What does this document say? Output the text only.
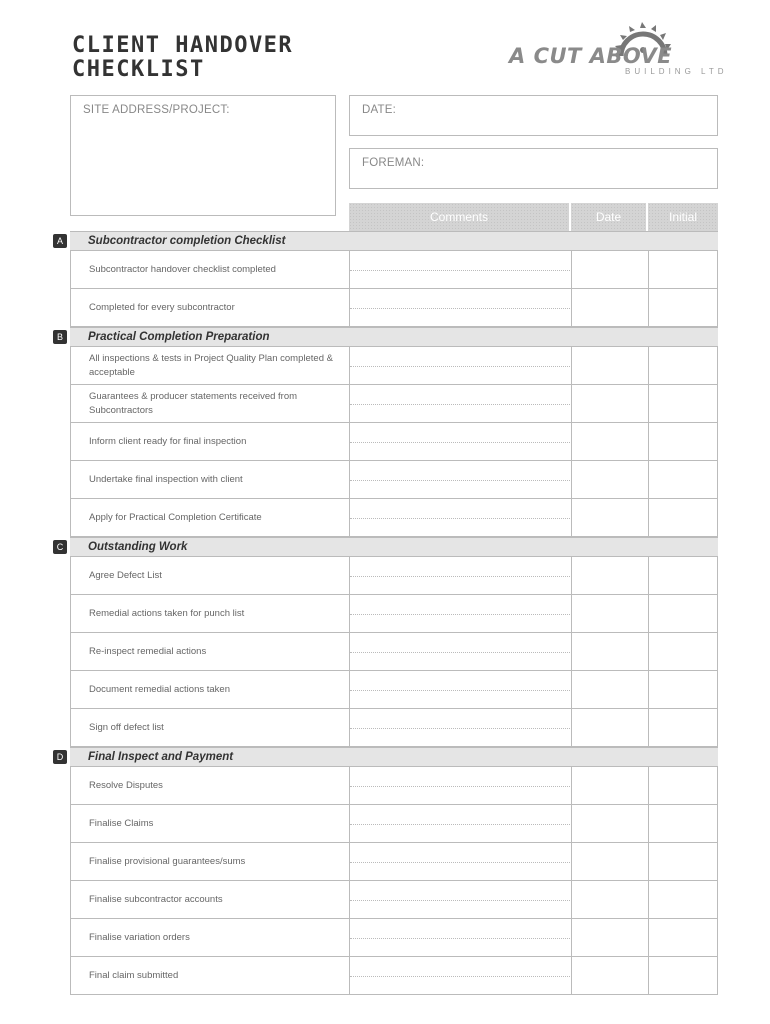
CLIENT HANDOVER
CHECKLIST
A CUT ABOVE
BUILDING LTD
SITE ADDRESS/PROJECT:	DATE:
FOREMAN:
Comments	Date	Initial
A	Subcontractor completion Checklist
Subcontractor handover checklist completed
Completed for every subcontractor
B	Practical Completion Preparation
All inspections & tests in Project Quality Plan completed & acceptable
Guarantees & producer statements received from Subcontractors
Inform client ready for final inspection
Undertake final inspection with client
Apply for Practical Completion Certificate
C	Outstanding Work
Agree Defect List
Remedial actions taken for punch list
Re-inspect remedial actions
Document remedial actions taken
Sign off defect list
D	Final Inspect and Payment
Resolve Disputes
Finalise Claims
Finalise provisional guarantees/sums
Finalise subcontractor accounts
Finalise variation orders
Final claim submitted
